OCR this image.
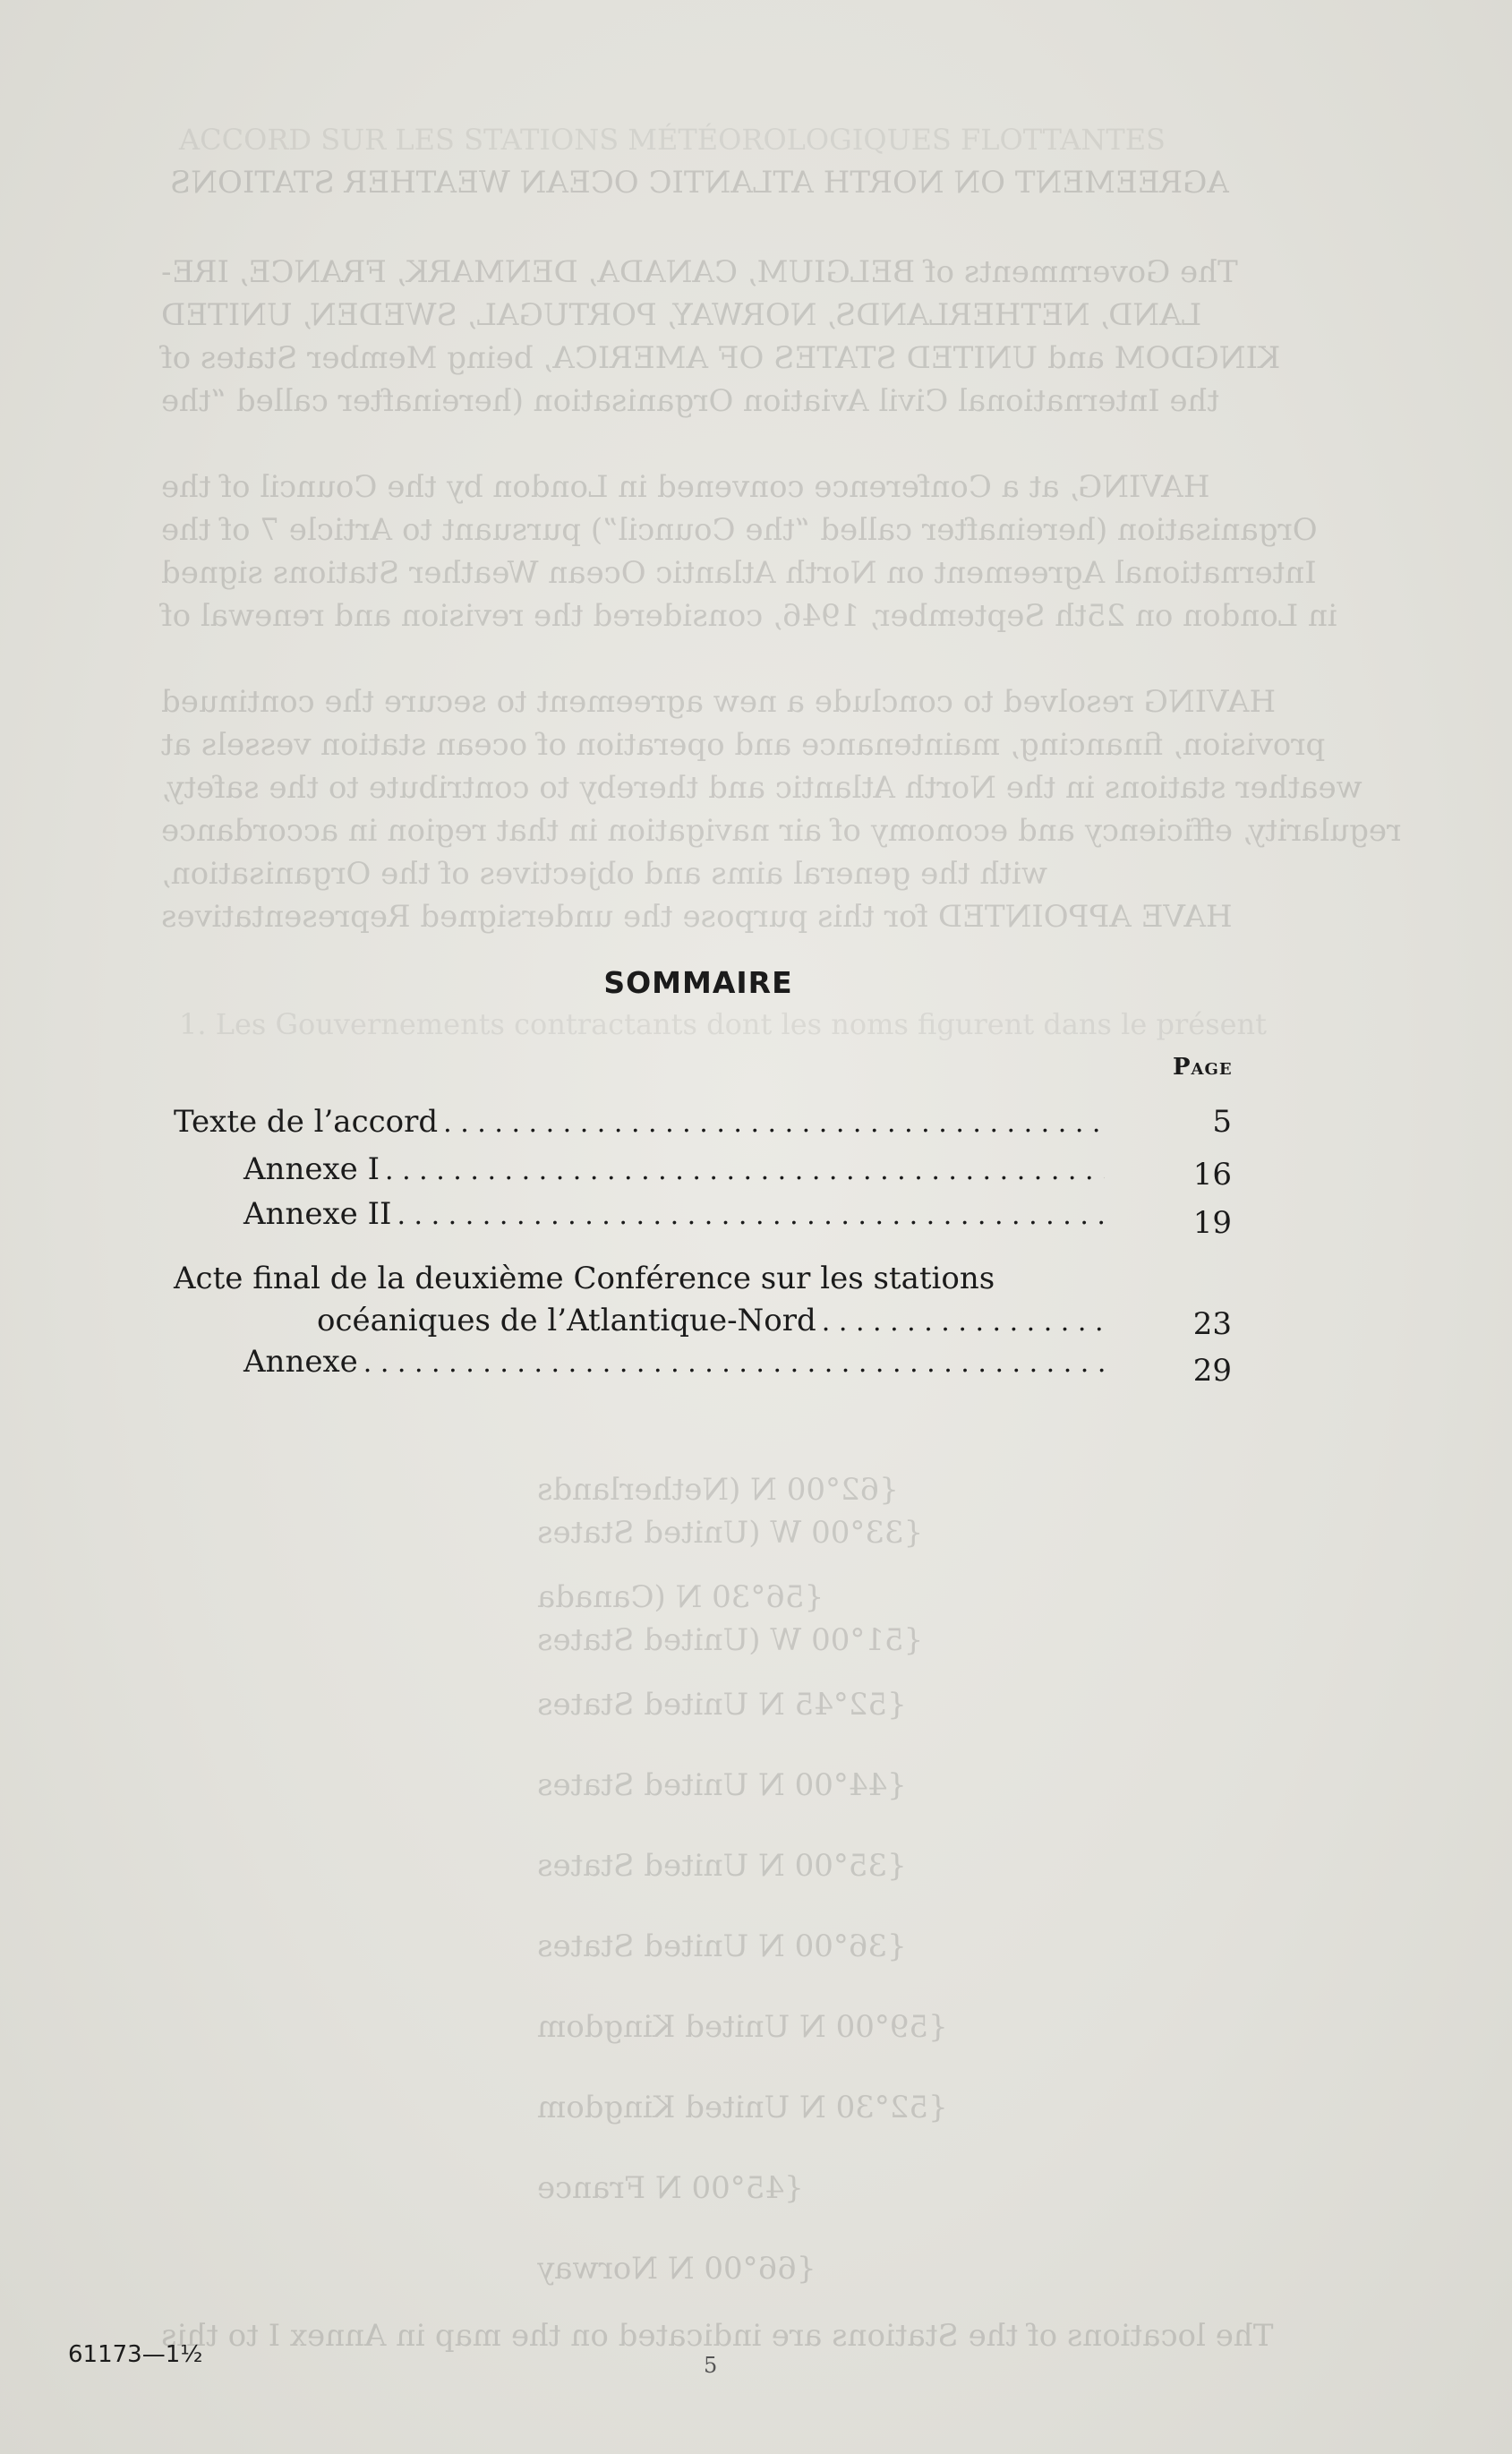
AGREEMENT ON NORTH ATLANTIC OCEAN WEATHER STATIONS
The Governments of BELGIUM, CANADA, DENMARK, FRANCE, IRE-
LAND, NETHERLANDS, NORWAY, PORTUGAL, SWEDEN, UNITED
KINGDOM and UNITED STATES OF AMERICA, being Member States of
the International Civil Aviation Organisation (hereinafter called “the
HAVING, at a Conference convened in London by the Council of the
Organisation (hereinafter called “the Council”) pursuant to Article 7 of the
International Agreement on North Atlantic Ocean Weather Stations signed
in London on 25th September, 1946, considered the revision and renewal of
HAVING resolved to conclude a new agreement to secure the continued
provision, financing, maintenance and operation of ocean station vessels at
weather stations in the North Atlantic and thereby to contribute to the safety,
regularity, efficiency and economy of air navigation in that region in accordance
with the general aims and objectives of the Organisation,
HAVE APPOINTED for this purpose the undersigned Representatives
ACCORD SUR LES STATIONS MÉTÉOROLOGIQUES FLOTTANTES
1. Les Gouvernements contractants dont les noms figurent dans le présent
SOMMAIRE
Page
Texte de l’accord . . .	5
Annexe I . . .	16
Annexe II . . .	19
Acte final de la deuxième Conférence sur les stations
océaniques de l’Atlantique-Nord . . .	23
Annexe . . .	29
{62°00 N (Netherlands
{33°00 W (United States
{56°30 N (Canada
{51°00 W (United States
{52°45 N United States
{44°00 N United States
{35°00 N United States
{36°00 N United States
{59°00 N United Kingdom
{52°30 N United Kingdom
{45°00 N France
{66°00 N Norway
The locations of the Stations are indicated on the map in Annex I to this
61173—1½	5
